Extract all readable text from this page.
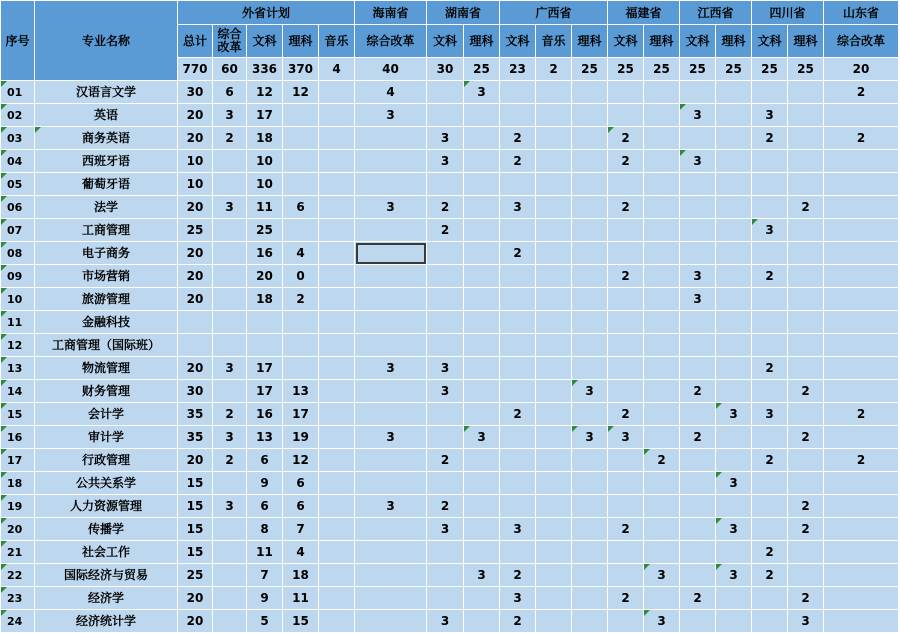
序号	专业名称	外省计划					海南省	湖南省		广西省			福建省		江西省		四川省		山东省
		总计	综合改革	文科	理科	音乐	综合改革	文科	理科	文科	音乐	理科	文科	理科	文科	理科	文科	理科	综合改革
		770	60	336	370	4	40	30	25	23	2	25	25	25	25	25	25	25	20
01	汉语言文学	30	6	12	12		4		3										2
02	英语	20	3	17			3								3		3		
03	商务英语	20	2	18				3		2			2				2		2
04	西班牙语	10		10				3		2			2		3				
05	葡萄牙语	10		10															
06	法学	20	3	11	6		3	2		3			2					2	
07	工商管理	25		25				2									3		
08	电子商务	20		16	4					2									
09	市场营销	20		20	0								2		3		2		
10	旅游管理	20		18	2										3				
11	金融科技																		
12	工商管理（国际班）																		
13	物流管理	20	3	17			3	3									2		
14	财务管理	30		17	13			3				3			2			2	
15	会计学	35	2	16	17					2			2			3	3		2
16	审计学	35	3	13	19		3		3			3	3		2			2	
17	行政管理	20	2	6	12			2						2			2		2
18	公共关系学	15		9	6											3			
19	人力资源管理	15	3	6	6		3	2										2	
20	传播学	15		8	7			3		3			2			3		2	
21	社会工作	15		11	4												2		
22	国际经济与贸易	25		7	18				3	2				3		3	2		
23	经济学	20		9	11					3			2		2			2	
24	经济统计学	20		5	15			3		2				3				3	
